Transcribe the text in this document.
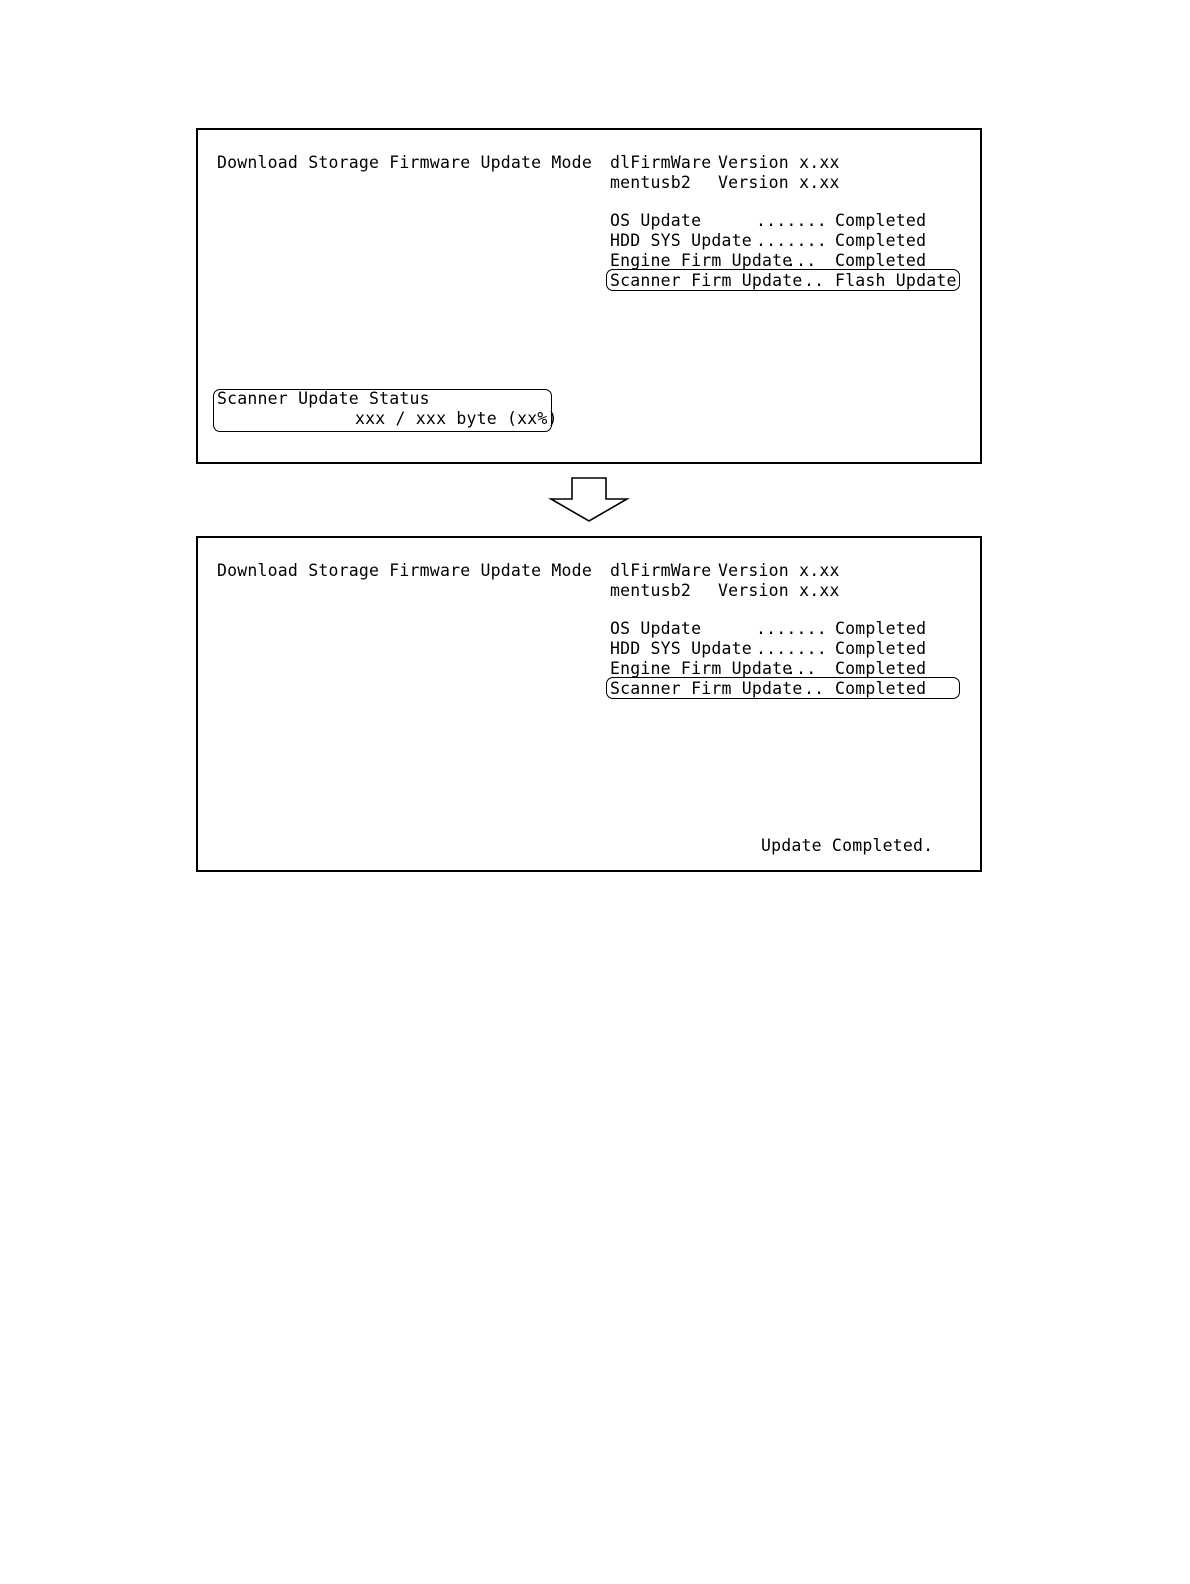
Download Storage Firmware Update Mode dlFirmWare Version x.xx
mentusb2 Version x.xx
OS Update	....... Completed
HDD SYS Update ....... Completed
Engine Firm Update
... Completed
Scanner Firm Update .. Flash Update
Scanner Update Status
xxx / xxx byte (xx%)
Download Storage Firmware Update Mode dlFirmWare Version x.xx
mentusb2 Version x.xx
OS Update	....... Completed
HDD SYS Update ....... Completed
Engine Firm Update
... Completed
Scanner Firm Update .. Completed
Update Completed.
